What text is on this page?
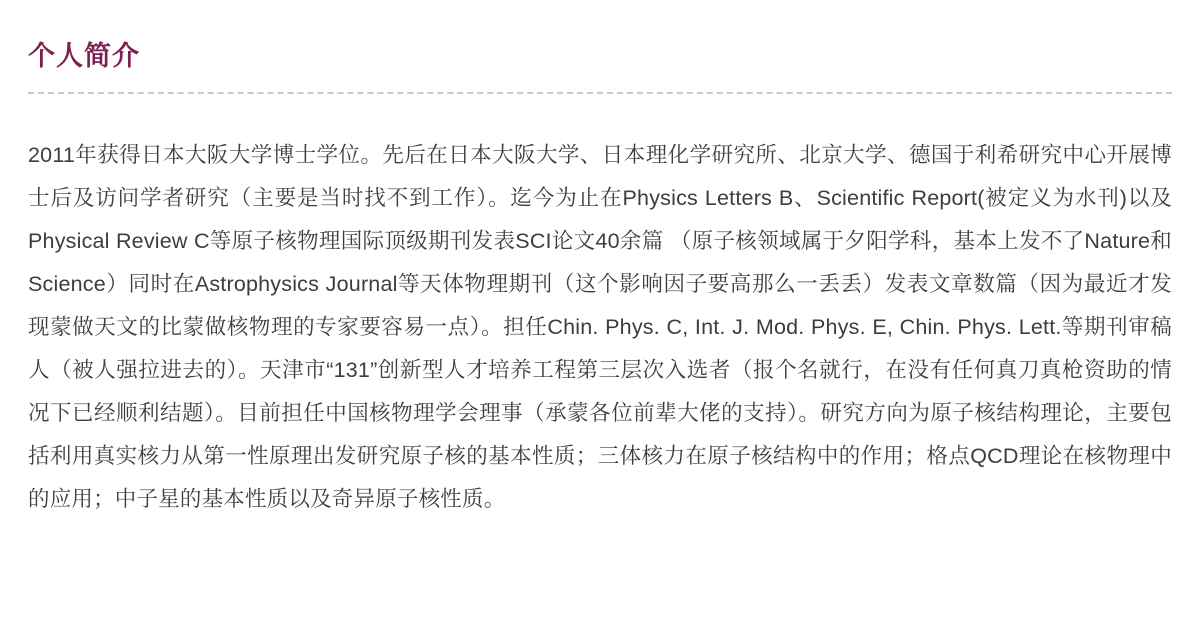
个人简介

2011年获得日本大阪大学博士学位。先后在日本大阪大学、日本理化学研究所、北京大学、德国于利希研究中心开展博士后及访问学者研究（主要是当时找不到工作）。迄今为止在Physics Letters B、Scientific Report(被定义为水刊)以及Physical Review C等原子核物理国际顶级期刊发表SCI论文40余篇 （原子核领域属于夕阳学科，基本上发不了Nature和Science）同时在Astrophysics Journal等天体物理期刊（这个影响因子要高那么一丢丢）发表文章数篇（因为最近才发现蒙做天文的比蒙做核物理的专家要容易一点）。担任Chin. Phys. C, Int. J. Mod. Phys. E, Chin. Phys. Lett.等期刊审稿人（被人强拉进去的）。天津市“131”创新型人才培养工程第三层次入选者（报个名就行，在没有任何真刀真枪资助的情况下已经顺利结题）。目前担任中国核物理学会理事（承蒙各位前辈大佬的支持）。研究方向为原子核结构理论，主要包括利用真实核力从第一性原理出发研究原子核的基本性质；三体核力在原子核结构中的作用；格点QCD理论在核物理中的应用；中子星的基本性质以及奇异原子核性质。
